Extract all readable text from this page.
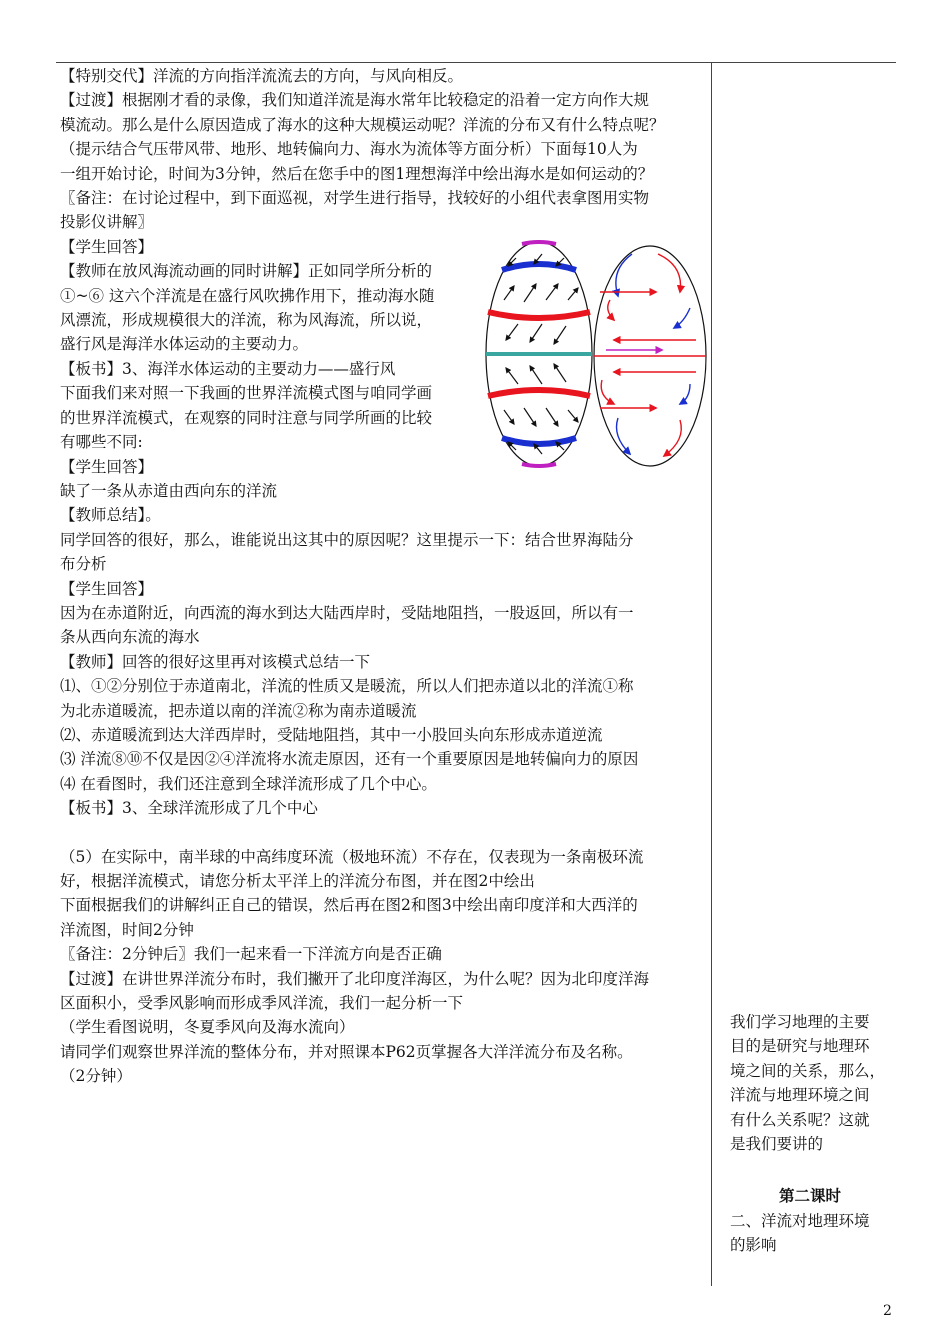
【特别交代】洋流的方向指洋流流去的方向，与风向相反。

【过渡】根据刚才看的录像，我们知道洋流是海水常年比较稳定的沿着一定方向作大规

模流动。那么是什么原因造成了海水的这种大规模运动呢？洋流的分布又有什么特点呢？

（提示结合气压带风带、地形、地转偏向力、海水为流体等方面分析）下面每10人为

一组开始讨论，时间为3分钟，然后在您手中的图1理想海洋中绘出海水是如何运动的？

〖备注：在讨论过程中，到下面巡视，对学生进行指导，找较好的小组代表拿图用实物

投影仪讲解〗

【学生回答】

【教师在放风海流动画的同时讲解】正如同学所分析的

①~⑥ 这六个洋流是在盛行风吹拂作用下，推动海水随

风漂流，形成规模很大的洋流，称为风海流，所以说，

盛行风是海洋水体运动的主要动力。

【板书】3、海洋水体运动的主要动力——盛行风

下面我们来对照一下我画的世界洋流模式图与咱同学画

的世界洋流模式，在观察的同时注意与同学所画的比较

有哪些不同:

【学生回答】

缺了一条从赤道由西向东的洋流

【教师总结】。

同学回答的很好，那么，谁能说出这其中的原因呢？这里提示一下：结合世界海陆分

布分析

【学生回答】

因为在赤道附近，向西流的海水到达大陆西岸时，受陆地阻挡，一股返回，所以有一

条从西向东流的海水

【教师】回答的很好这里再对该模式总结一下

⑴、①②分别位于赤道南北，洋流的性质又是暖流，所以人们把赤道以北的洋流①称

为北赤道暖流，把赤道以南的洋流②称为南赤道暖流

⑵、赤道暖流到达大洋西岸时，受陆地阻挡，其中一小股回头向东形成赤道逆流

⑶ 洋流⑧⑩不仅是因②④洋流将水流走原因，还有一个重要原因是地转偏向力的原因

⑷ 在看图时，我们还注意到全球洋流形成了几个中心。

【板书】3、全球洋流形成了几个中心

（5）在实际中，南半球的中高纬度环流（极地环流）不存在，仅表现为一条南极环流

好，根据洋流模式，请您分析太平洋上的洋流分布图，并在图2中绘出

下面根据我们的讲解纠正自己的错误，然后再在图2和图3中绘出南印度洋和大西洋的

洋流图，时间2分钟

〖备注：2分钟后〗我们一起来看一下洋流方向是否正确

【过渡】在讲世界洋流分布时，我们撇开了北印度洋海区，为什么呢？因为北印度洋海

区面积小，受季风影响而形成季风洋流，我们一起分析一下

（学生看图说明，冬夏季风向及海水流向）

请同学们观察世界洋流的整体分布，并对照课本P62页掌握各大洋洋流分布及名称。

（2分钟）

我们学习地理的主要

目的是研究与地理环

境之间的关系，那么，

洋流与地理环境之间

有什么关系呢？这就

是我们要讲的

第二课时

二、洋流对地理环境

的影响

2
